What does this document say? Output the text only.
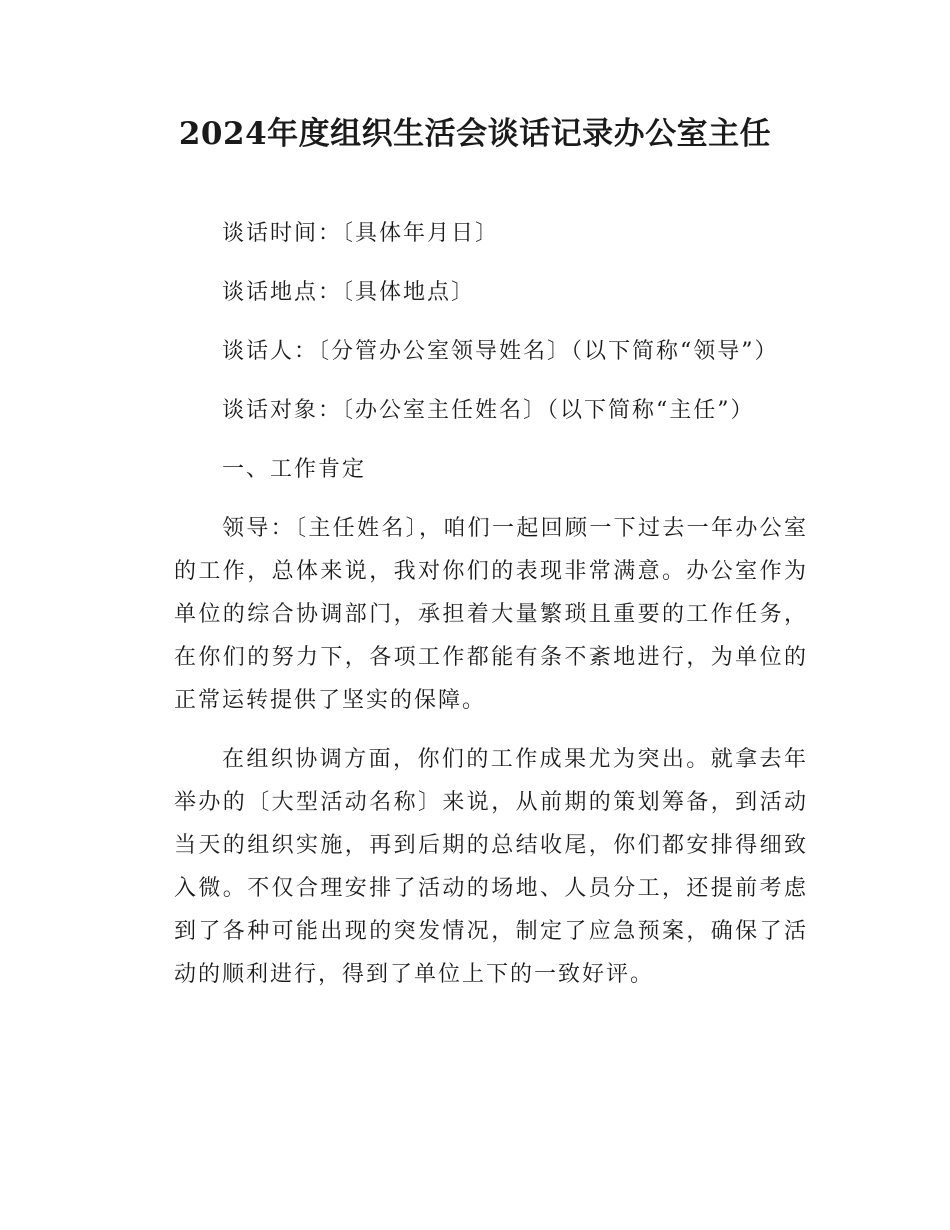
2024年度组织生活会谈话记录办公室主任

谈话时间：〔具体年月日〕

谈话地点：〔具体地点〕

谈话人：〔分管办公室领导姓名〕（以下简称“领导”）

谈话对象：〔办公室主任姓名〕（以下简称“主任”）

一、工作肯定

领导：〔主任姓名〕，咱们一起回顾一下过去一年办公室的工作，总体来说，我对你们的表现非常满意。办公室作为单位的综合协调部门，承担着大量繁琐且重要的工作任务，在你们的努力下，各项工作都能有条不紊地进行，为单位的正常运转提供了坚实的保障。

在组织协调方面，你们的工作成果尤为突出。就拿去年举办的〔大型活动名称〕来说，从前期的策划筹备，到活动当天的组织实施，再到后期的总结收尾，你们都安排得细致入微。不仅合理安排了活动的场地、人员分工，还提前考虑到了各种可能出现的突发情况，制定了应急预案，确保了活动的顺利进行，得到了单位上下的一致好评。
